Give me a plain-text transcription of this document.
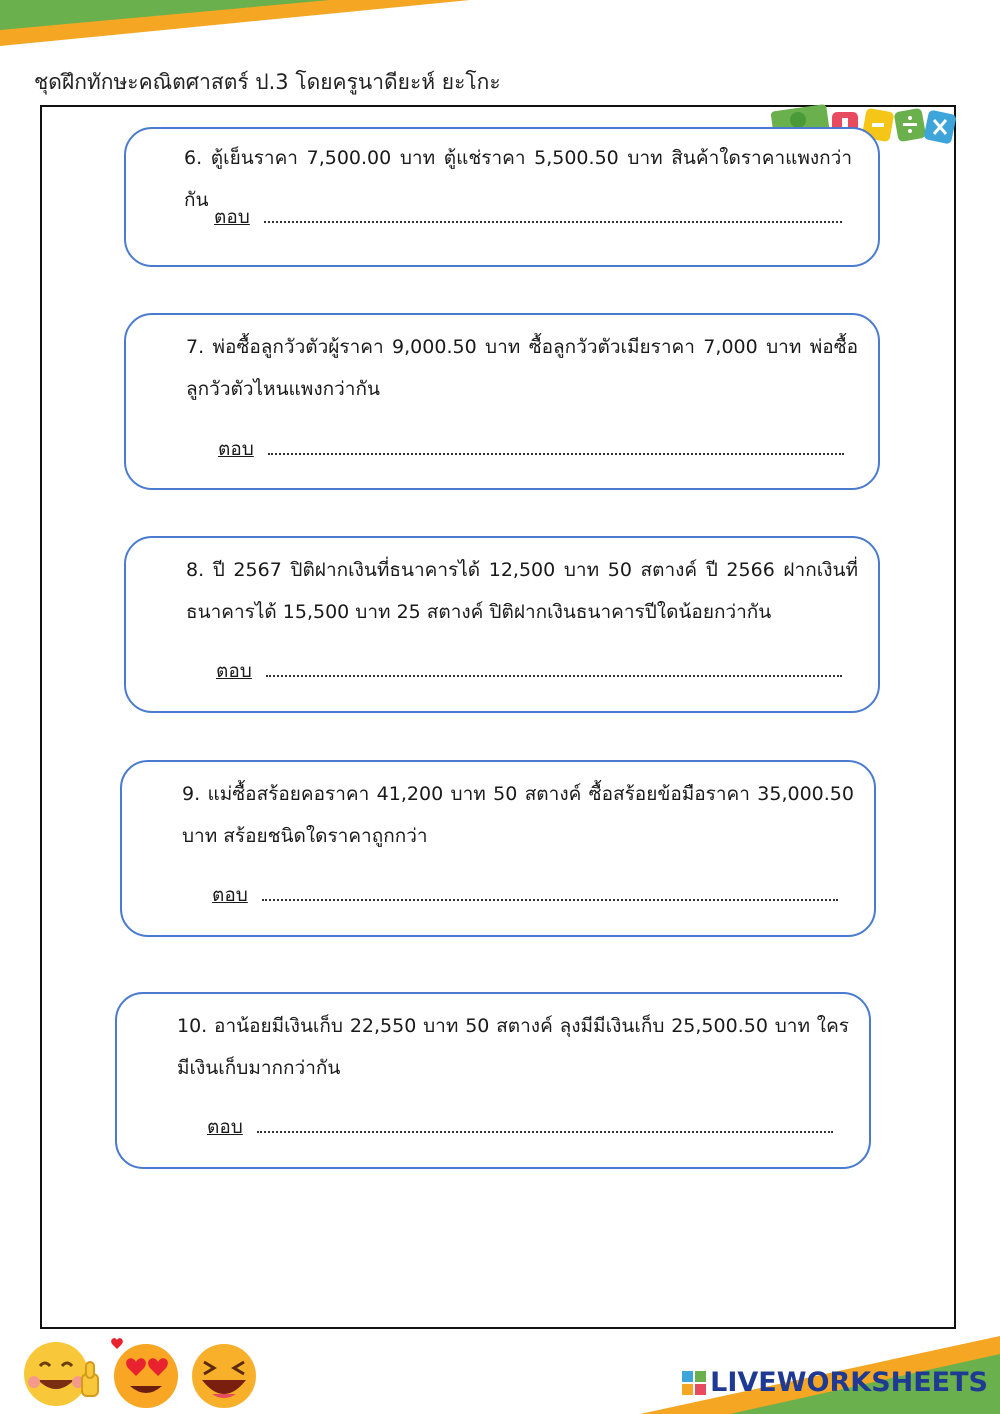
ชุดฝึกทักษะคณิตศาสตร์ ป.3 โดยครูนาดียะห์ ยะโกะ
6. ตู้เย็นราคา 7,500.00 บาท ตู้แช่ราคา 5,500.50 บาท สินค้าใดราคาแพงกว่ากัน
ตอบ
7. พ่อซื้อลูกวัวตัวผู้ราคา 9,000.50 บาท ซื้อลูกวัวตัวเมียราคา 7,000 บาท พ่อซื้อลูกวัวตัวไหนแพงกว่ากัน
ตอบ
8. ปี 2567 ปิติฝากเงินที่ธนาคารได้ 12,500 บาท 50 สตางค์ ปี 2566 ฝากเงินที่ธนาคารได้ 15,500 บาท 25 สตางค์ ปิติฝากเงินธนาคารปีใดน้อยกว่ากัน
ตอบ
9. แม่ซื้อสร้อยคอราคา 41,200 บาท 50 สตางค์ ซื้อสร้อยข้อมือราคา 35,000.50 บาท สร้อยชนิดใดราคาถูกกว่า
ตอบ
10. อาน้อยมีเงินเก็บ 22,550 บาท 50 สตางค์ ลุงมีมีเงินเก็บ 25,500.50 บาท ใครมีเงินเก็บมากกว่ากัน
ตอบ
LIVEWORKSHEETS
